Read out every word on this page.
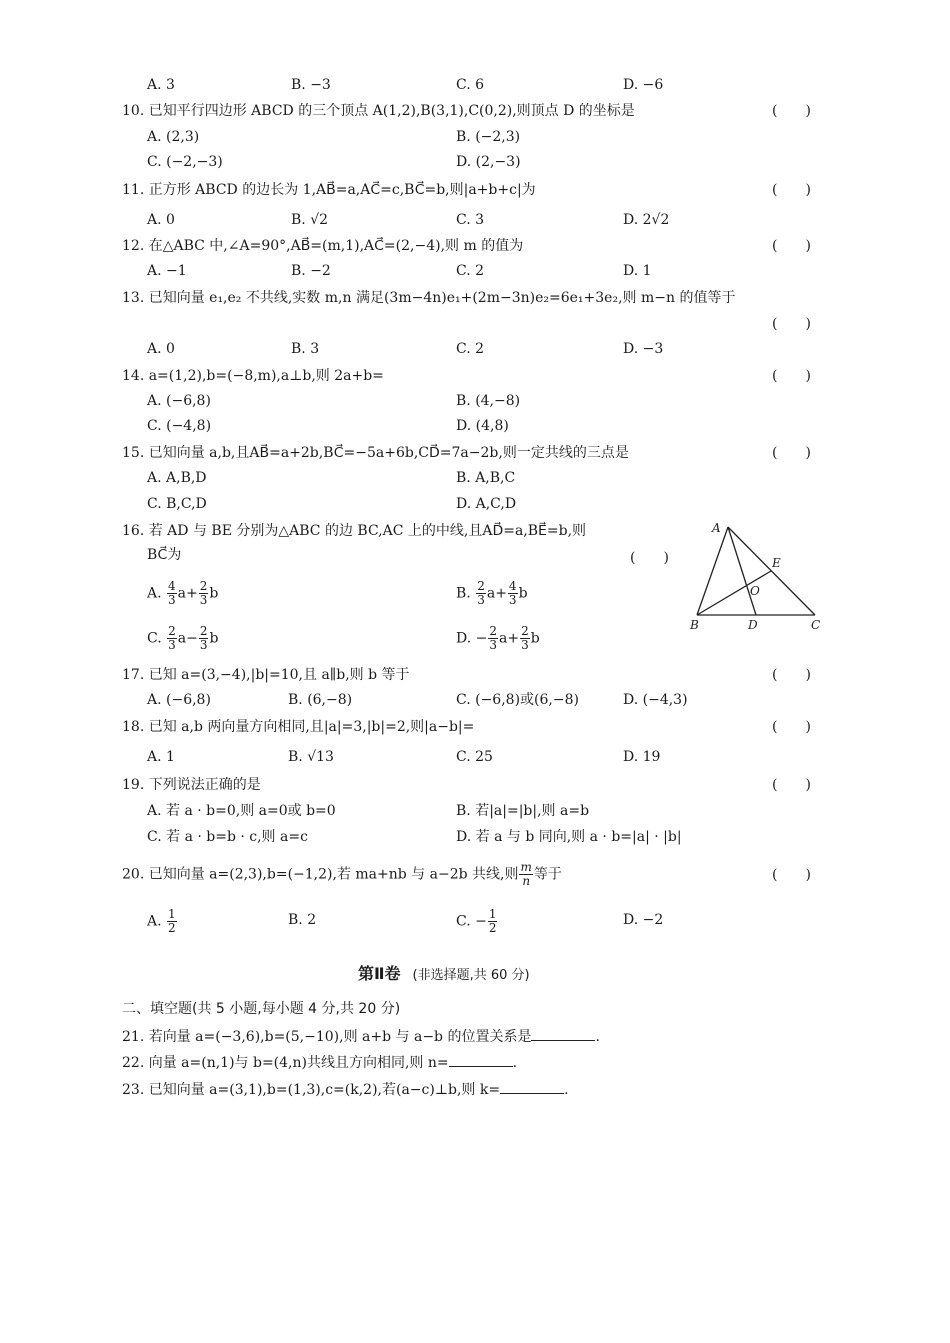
A. 3	B. −3	C. 6	D. −6
10. 已知平行四边形 ABCD 的三个顶点 A(1,2),B(3,1),C(0,2),则顶点 D 的坐标是	(　　)
A. (2,3)	B. (−2,3)
C. (−2,−3)	D. (2,−3)
11. 正方形 ABCD 的边长为 1,AB⃗=a,AC⃗=c,BC⃗=b,则|a+b+c|为	(　　)
A. 0	B. √2	C. 3	D. 2√2
12. 在△ABC 中,∠A=90°,AB⃗=(m,1),AC⃗=(2,−4),则 m 的值为	(　　)
A. −1	B. −2	C. 2	D. 1
13. 已知向量 e₁,e₂ 不共线,实数 m,n 满足(3m−4n)e₁+(2m−3n)e₂=6e₁+3e₂,则 m−n 的值等于
(　　)
A. 0	B. 3	C. 2	D. −3
14. a=(1,2),b=(−8,m),a⊥b,则 2a+b=	(　　)
A. (−6,8)	B. (4,−8)
C. (−4,8)	D. (4,8)
15. 已知向量 a,b,且AB⃗=a+2b,BC⃗=−5a+6b,CD⃗=7a−2b,则一定共线的三点是	(　　)
A. A,B,D	B. A,B,C
C. B,C,D	D. A,C,D
16. 若 AD 与 BE 分别为△ABC 的边 BC,AC 上的中线,且AD⃗=a,BE⃗=b,则
BC⃗为	(　　)
A. $\frac{4}{3} a+ \frac{2}{3}$ b	B. $\frac{2}{3} a+ \frac{4}{3}$ b
C. $\frac{2}{3} a- \frac{2}{3}$ b	D. − $\frac{2}{3} a+ \frac{2}{3}$ b
A
B	C
D
E
O
17. 已知 a=(3,−4),|b|=10,且 a∥b,则 b 等于	(　　)
A. (−6,8)	B. (6,−8)	C. (−6,8)或(6,−8)	D. (−4,3)
18. 已知 a,b 两向量方向相同,且|a|=3,|b|=2,则|a−b|=	(　　)
A. 1	B. √13	C. 25	D. 19
19. 下列说法正确的是	(　　)
A. 若 a · b=0,则 a=0或 b=0	B. 若|a|=|b|,则 a=b
C. 若 a · b=b · c,则 a=c	D. 若 a 与 b 同向,则 a · b=|a| · |b|
20. 已知向量 a=(2,3),b=(−1,2),若 ma+nb 与 a−2b 共线,则 $\frac{m}{n}$ 等于	(　　)
A. $\frac{1}{2}$	B. 2	C. − $\frac{1}{2}$	D. −2
第Ⅱ卷 (非选择题,共 60 分)
二、填空题(共 5 小题,每小题 4 分,共 20 分)
21. 若向量 a=(−3,6),b=(5,−10),则 a+b 与 a−b 的位置关系是	.
22. 向量 a=(n,1)与 b=(4,n)共线且方向相同,则 n=	.
23. 已知向量 a=(3,1),b=(1,3),c=(k,2),若(a−c)⊥b,则 k=	.
